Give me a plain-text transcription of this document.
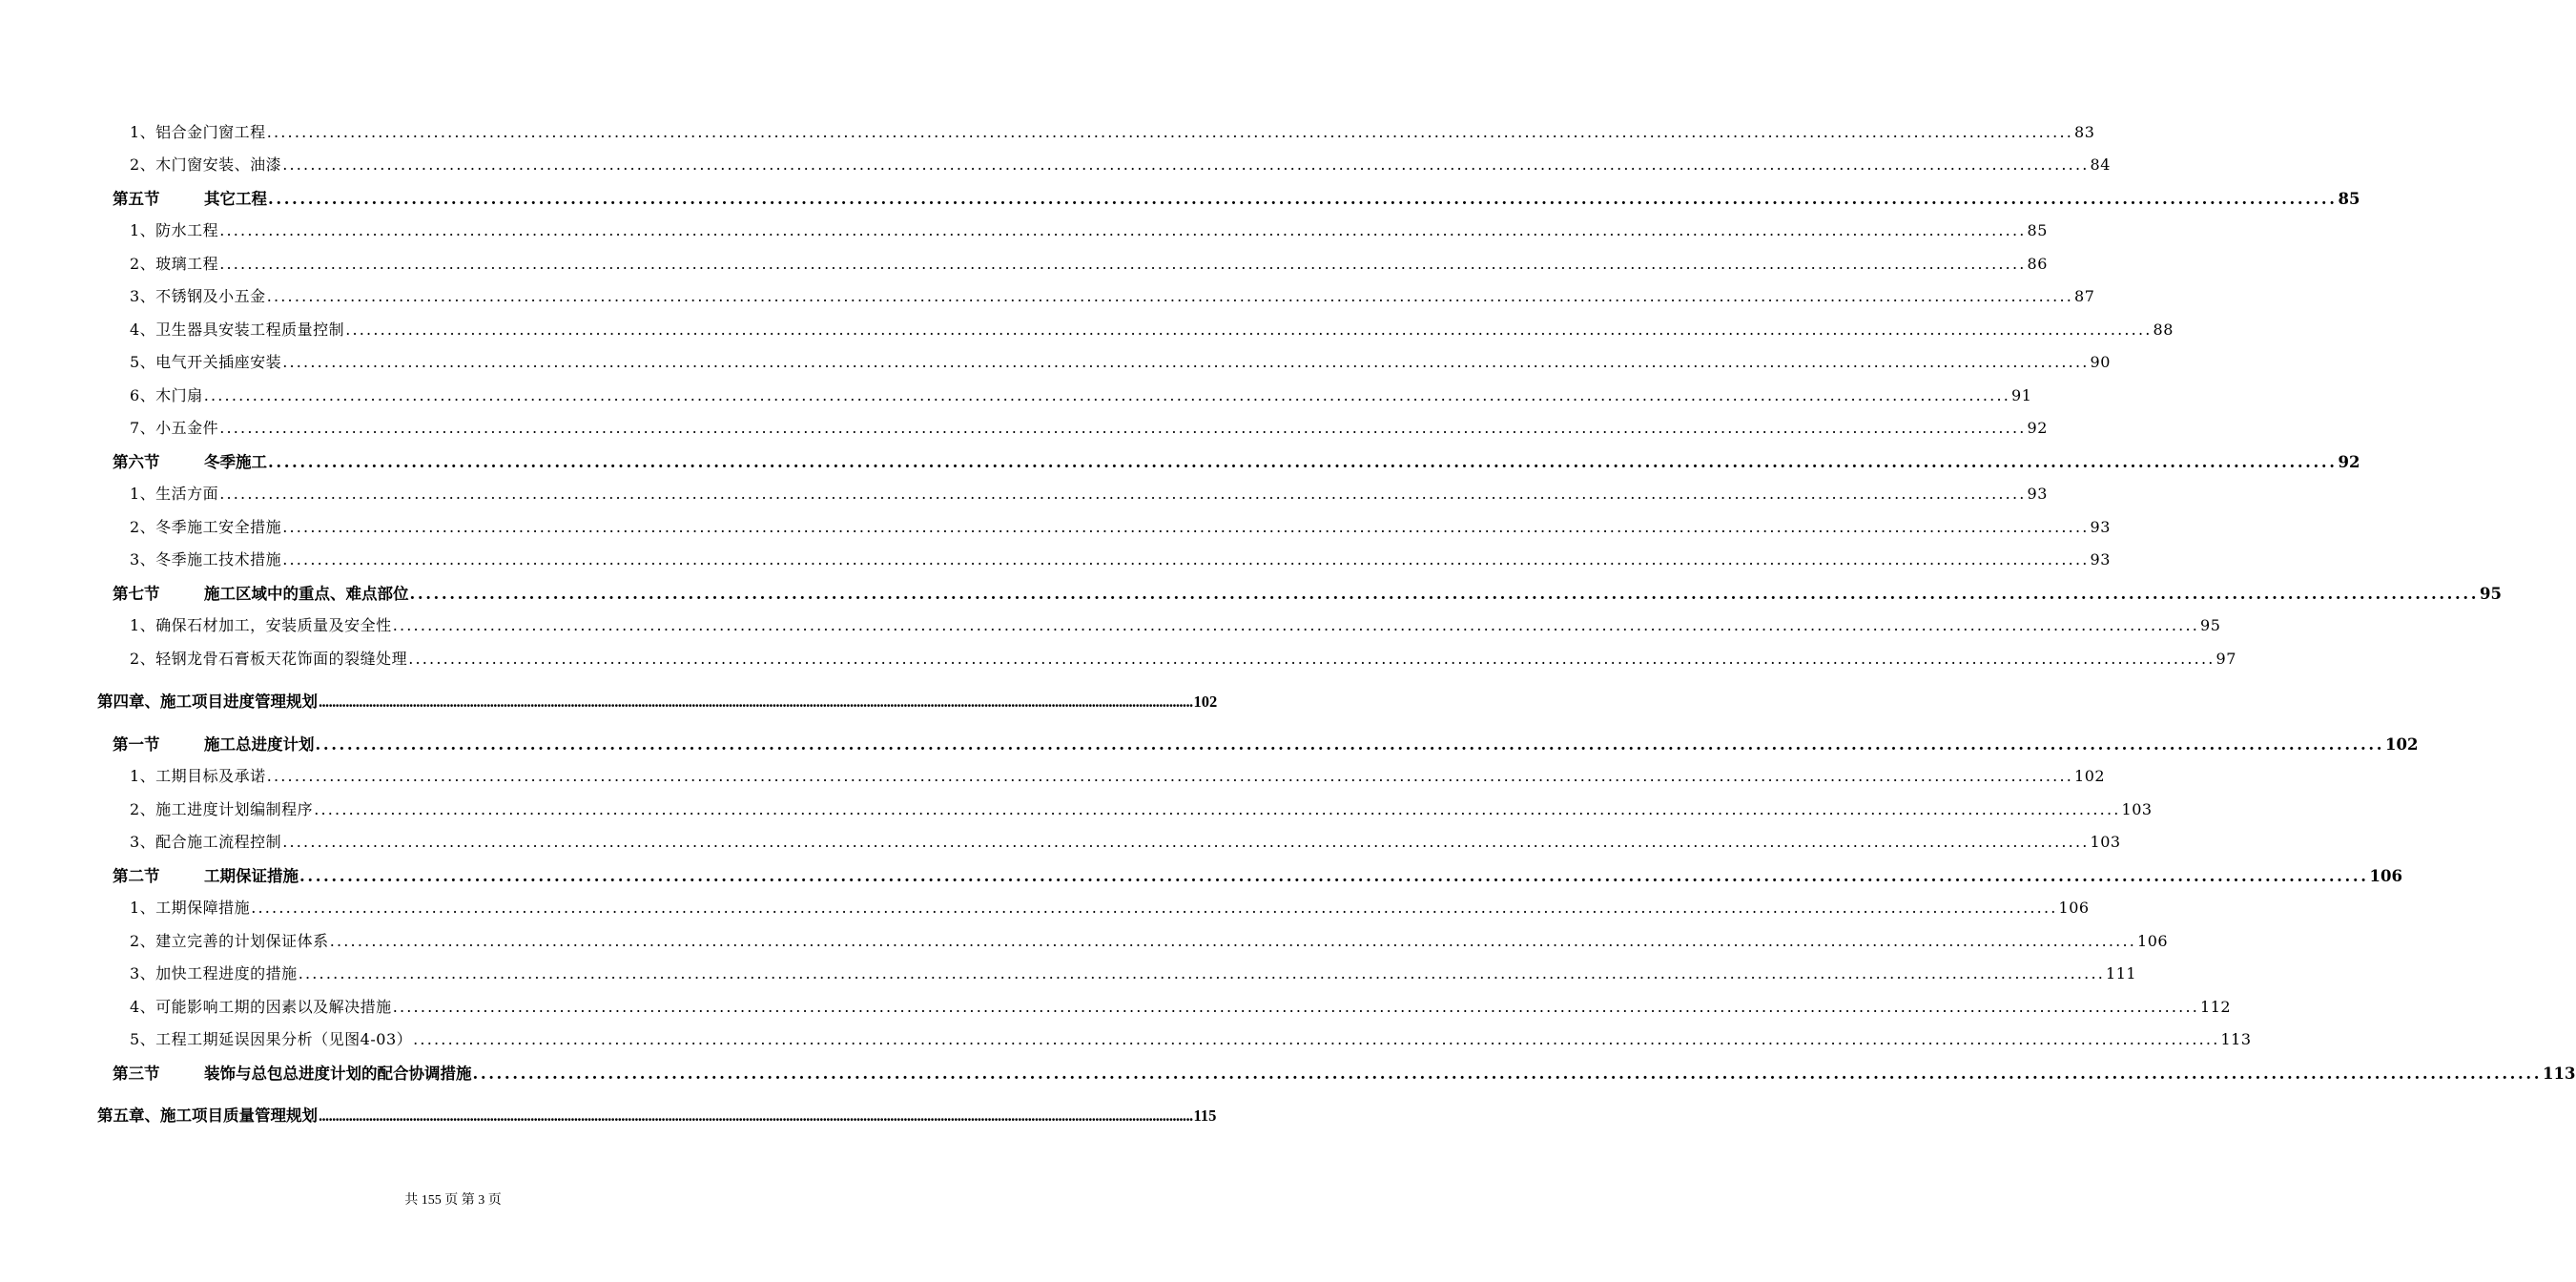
1、铝合金门窗工程 .................................................................................................................................................................................................................................................................... 83
2、木门窗安装、油漆 .................................................................................................................................................................................................................................................................... 84
第五节	其它工程 .................................................................................................................................................................................................................................................................... 85
1、防水工程 .................................................................................................................................................................................................................................................................... 85
2、玻璃工程 .................................................................................................................................................................................................................................................................... 86
3、不锈钢及小五金 .................................................................................................................................................................................................................................................................... 87
4、卫生器具安装工程质量控制 .................................................................................................................................................................................................................................................................... 88
5、电气开关插座安装 .................................................................................................................................................................................................................................................................... 90
6、木门扇 .................................................................................................................................................................................................................................................................... 91
7、小五金件 .................................................................................................................................................................................................................................................................... 92
第六节	冬季施工 .................................................................................................................................................................................................................................................................... 92
1、生活方面 .................................................................................................................................................................................................................................................................... 93
2、冬季施工安全措施 .................................................................................................................................................................................................................................................................... 93
3、冬季施工技术措施 .................................................................................................................................................................................................................................................................... 93
第七节	施工区域中的重点、难点部位 .................................................................................................................................................................................................................................................................... 95
1、确保石材加工，安装质量及安全性 .................................................................................................................................................................................................................................................................... 95
2、轻钢龙骨石膏板天花饰面的裂缝处理 .................................................................................................................................................................................................................................................................... 97
第四章、施工项目进度管理规划 .................................................................................................................................................................................................................................................................... 102
第一节	施工总进度计划 .................................................................................................................................................................................................................................................................... 102
1、工期目标及承诺 .................................................................................................................................................................................................................................................................... 102
2、施工进度计划编制程序 .................................................................................................................................................................................................................................................................... 103
3、配合施工流程控制 .................................................................................................................................................................................................................................................................... 103
第二节	工期保证措施 .................................................................................................................................................................................................................................................................... 106
1、工期保障措施 .................................................................................................................................................................................................................................................................... 106
2、建立完善的计划保证体系 .................................................................................................................................................................................................................................................................... 106
3、加快工程进度的措施 .................................................................................................................................................................................................................................................................... 111
4、可能影响工期的因素以及解决措施 .................................................................................................................................................................................................................................................................... 112
5、工程工期延误因果分析（见图4-03） .................................................................................................................................................................................................................................................................... 113
第三节	装饰与总包总进度计划的配合协调措施 .................................................................................................................................................................................................................................................................... 113
第五章、施工项目质量管理规划 .................................................................................................................................................................................................................................................................... 115
共 155 页 第 3 页
